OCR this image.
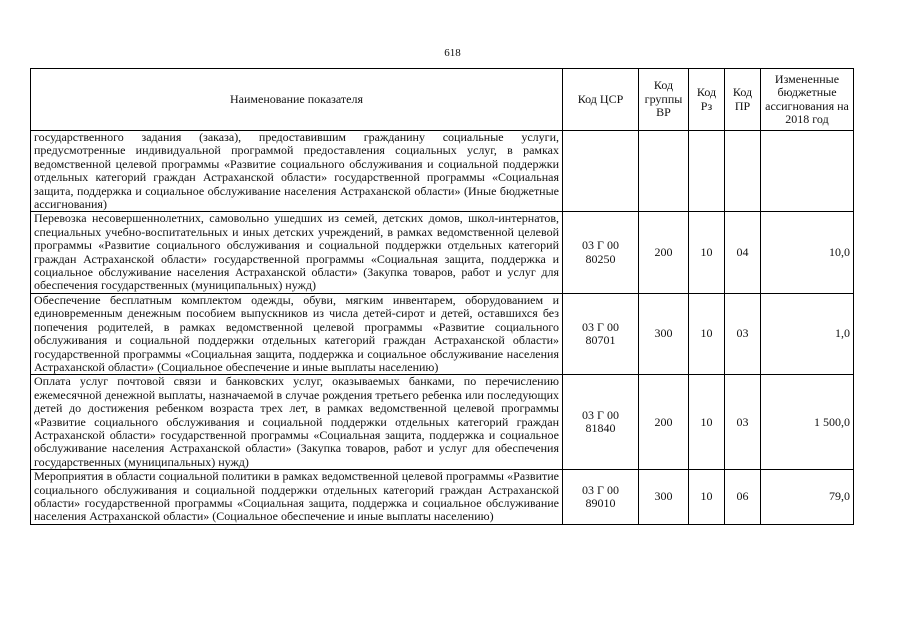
618
Наименование показателя	Код ЦСР	Код группы ВР	Код Рз	Код ПР	Измененные бюджетные ассигнования на 2018 год
государственного задания (заказа), предоставившим гражданину социальные услуги, предусмотренные индивидуальной программой предоставления социальных услуг, в рамках ведомственной целевой программы «Развитие социального обслуживания и социальной поддержки отдельных категорий граждан Астраханской области» государственной программы «Социальная защита, поддержка и социальное обслуживание населения Астраханской области» (Иные бюджетные ассигнования)					
Перевозка несовершеннолетних, самовольно ушедших из семей, детских домов, школ-интернатов, специальных учебно-воспитательных и иных детских учреждений, в рамках ведомственной целевой программы «Развитие социального обслуживания и социальной поддержки отдельных категорий граждан Астраханской области» государственной программы «Социальная защита, поддержка и социальное обслуживание населения Астраханской области» (Закупка товаров, работ и услуг для обеспечения государственных (муниципальных) нужд)	03 Г 00 80250	200	10	04	10,0
Обеспечение бесплатным комплектом одежды, обуви, мягким инвентарем, оборудованием и единовременным денежным пособием выпускников из числа детей-сирот и детей, оставшихся без попечения родителей, в рамках ведомственной целевой программы «Развитие социального обслуживания и социальной поддержки отдельных категорий граждан Астраханской области» государственной программы «Социальная защита, поддержка и социальное обслуживание населения Астраханской области» (Социальное обеспечение и иные выплаты населению)	03 Г 00 80701	300	10	03	1,0
Оплата услуг почтовой связи и банковских услуг, оказываемых банками, по перечислению ежемесячной денежной выплаты, назначаемой в случае рождения третьего ребенка или последующих детей до достижения ребенком возраста трех лет, в рамках ведомственной целевой программы «Развитие социального обслуживания и социальной поддержки отдельных категорий граждан Астраханской области» государственной программы «Социальная защита, поддержка и социальное обслуживание населения Астраханской области» (Закупка товаров, работ и услуг для обеспечения государственных (муниципальных) нужд)	03 Г 00 81840	200	10	03	1 500,0
Мероприятия в области социальной политики в рамках ведомственной целевой программы «Развитие социального обслуживания и социальной поддержки отдельных категорий граждан Астраханской области» государственной программы «Социальная защита, поддержка и социальное обслуживание населения Астраханской области» (Социальное обеспечение и иные выплаты населению)	03 Г 00 89010	300	10	06	79,0
